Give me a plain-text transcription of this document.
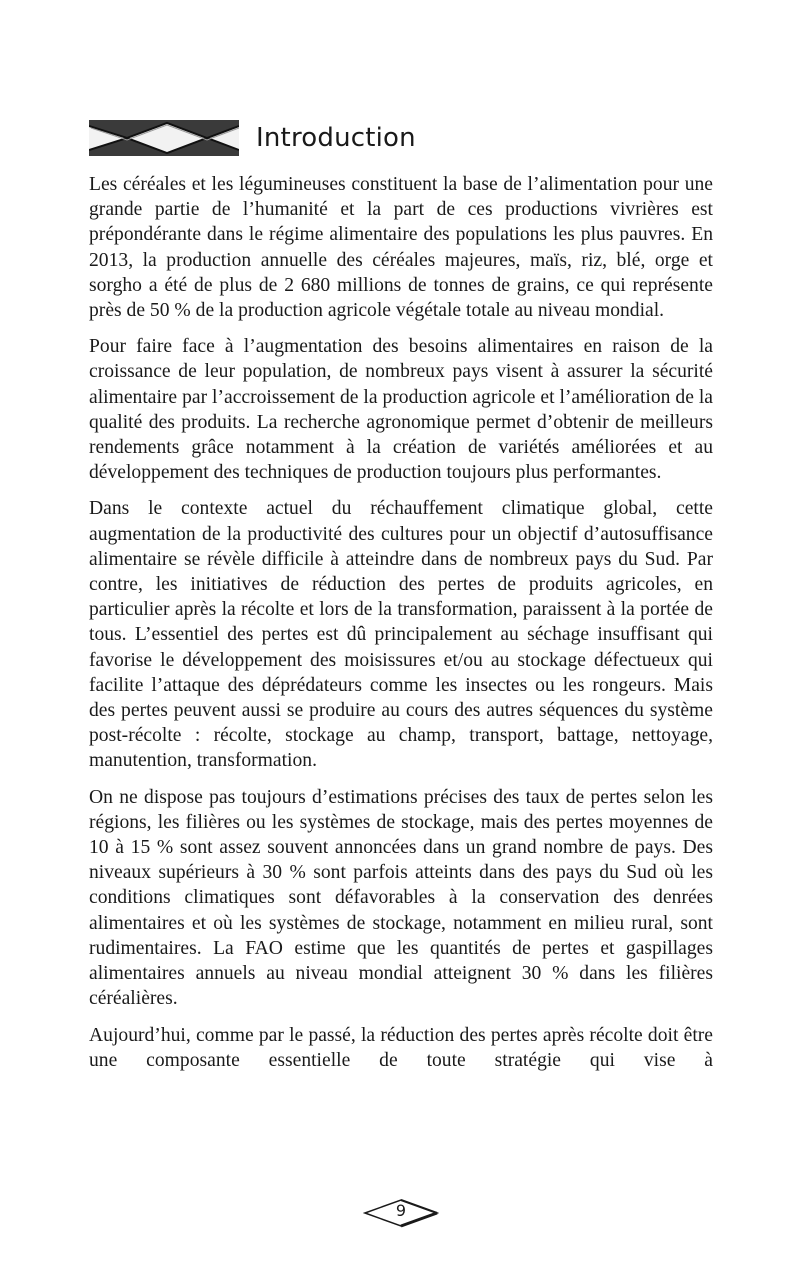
Introduction

Les céréales et les légumineuses constituent la base de l’alimentation pour une grande partie de l’humanité et la part de ces productions vivrières est prépondérante dans le régime alimentaire des populations les plus pauvres. En 2013, la production annuelle des céréales majeures, maïs, riz, blé, orge et sorgho a été de plus de 2 680 millions de tonnes de grains, ce qui représente près de 50 % de la production agricole végétale totale au niveau mondial.

Pour faire face à l’augmentation des besoins alimentaires en raison de la croissance de leur population, de nombreux pays visent à assurer la sécurité alimentaire par l’accroissement de la production agricole et l’amélioration de la qualité des produits. La recherche agronomique permet d’obtenir de meilleurs rendements grâce notamment à la création de variétés améliorées et au développement des techniques de production toujours plus performantes.

Dans le contexte actuel du réchauffement climatique global, cette augmentation de la productivité des cultures pour un objectif d’autosuffisance alimentaire se révèle difficile à atteindre dans de nombreux pays du Sud. Par contre, les initiatives de réduction des pertes de produits agricoles, en particulier après la récolte et lors de la transformation, paraissent à la portée de tous. L’essentiel des pertes est dû principalement au séchage insuffisant qui favorise le développement des moisissures et/ou au stockage défectueux qui facilite l’attaque des déprédateurs comme les insectes ou les rongeurs. Mais des pertes peuvent aussi se produire au cours des autres séquences du système post-récolte : récolte, stockage au champ, transport, battage, nettoyage, manutention, transformation.

On ne dispose pas toujours d’estimations précises des taux de pertes selon les régions, les filières ou les systèmes de stockage, mais des pertes moyennes de 10 à 15 % sont assez souvent annoncées dans un grand nombre de pays. Des niveaux supérieurs à 30 % sont parfois atteints dans des pays du Sud où les conditions climatiques sont défavorables à la conservation des denrées alimentaires et où les systèmes de stockage, notamment en milieu rural, sont rudimentaires. La FAO estime que les quantités de pertes et gaspillages alimentaires annuels au niveau mondial atteignent 30 % dans les filières céréalières.

Aujourd’hui, comme par le passé, la réduction des pertes après récolte doit être une composante essentielle de toute stratégie qui vise à

9
